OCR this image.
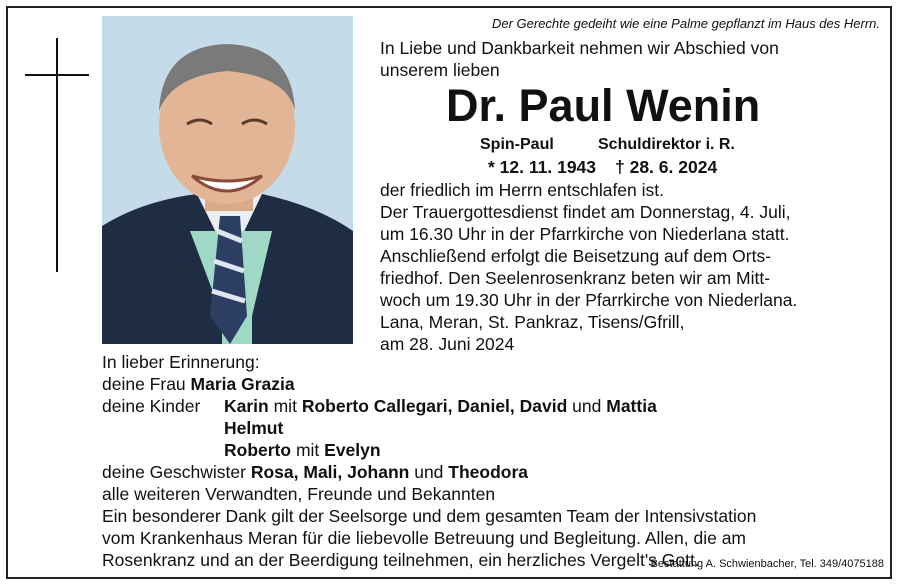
Der Gerechte gedeiht wie eine Palme gepflanzt im Haus des Herrn.
In Liebe und Dankbarkeit nehmen wir Abschied von
unserem lieben
Dr. Paul Wenin
Spin-Paul	Schuldirektor i. R.
* 12. 11. 1943 † 28. 6. 2024
der friedlich im Herrn entschlafen ist.
Der Trauergottesdienst findet am Donnerstag, 4. Juli,
um 16.30 Uhr in der Pfarrkirche von Niederlana statt.
Anschließend erfolgt die Beisetzung auf dem Orts-
friedhof. Den Seelenrosenkranz beten wir am Mitt-
woch um 19.30 Uhr in der Pfarrkirche von Niederlana.
Lana, Meran, St. Pankraz, Tisens/Gfrill,
am 28. Juni 2024
In lieber Erinnerung:
deine Frau Maria Grazia
deine Kinder Karin mit Roberto Callegari, Daniel, David und Mattia
Helmut
Roberto mit Evelyn
deine Geschwister Rosa, Mali, Johann und Theodora
alle weiteren Verwandten, Freunde und Bekannten
Ein besonderer Dank gilt der Seelsorge und dem gesamten Team der Intensivstation
vom Krankenhaus Meran für die liebevolle Betreuung und Begleitung. Allen, die am
Rosenkranz und an der Beerdigung teilnehmen, ein herzliches Vergelt's Gott.
Bestattung A. Schwienbacher, Tel. 349/4075188
